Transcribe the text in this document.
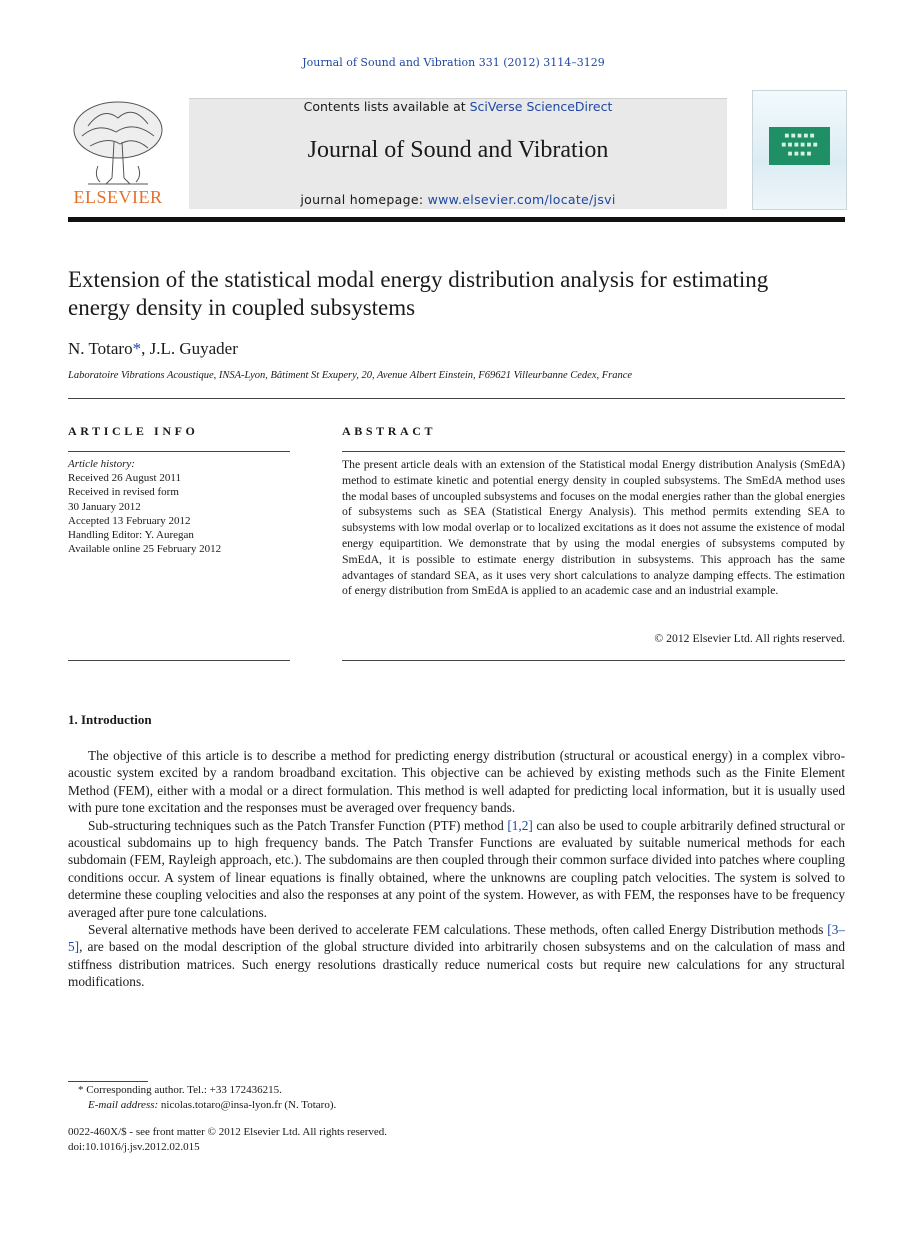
Journal of Sound and Vibration 331 (2012) 3114–3129
ELSEVIER
Contents lists available at SciVerse ScienceDirect
Journal of Sound and Vibration
journal homepage: www.elsevier.com/locate/jsvi
■ ■ ■ ■ ■
■ ■ ■ ■ ■ ■
■ ■ ■ ■
Extension of the statistical modal energy distribution analysis for estimating energy density in coupled subsystems
N. Totaro*, J.L. Guyader
Laboratoire Vibrations Acoustique, INSA-Lyon, Bâtiment St Exupery, 20, Avenue Albert Einstein, F69621 Villeurbanne Cedex, France
ARTICLE INFO	ABSTRACT
Article history:
Received 26 August 2011
Received in revised form
30 January 2012
Accepted 13 February 2012
Handling Editor: Y. Auregan
Available online 25 February 2012
The present article deals with an extension of the Statistical modal Energy distribution Analysis (SmEdA) method to estimate kinetic and potential energy density in coupled subsystems. The SmEdA method uses the modal bases of uncoupled subsystems and focuses on the modal energies rather than the global energies of subsystems such as SEA (Statistical Energy Analysis). This method permits extending SEA to subsystems with low modal overlap or to localized excitations as it does not assume the existence of modal energy equipartition. We demonstrate that by using the modal energies of subsystems computed by SmEdA, it is possible to estimate energy distribution in subsystems. This approach has the same advantages of standard SEA, as it uses very short calculations to analyze damping effects. The estimation of energy distribution from SmEdA is applied to an academic case and an industrial example.
© 2012 Elsevier Ltd. All rights reserved.
1. Introduction

The objective of this article is to describe a method for predicting energy distribution (structural or acoustical energy) in a complex vibro-acoustic system excited by a random broadband excitation. This objective can be achieved by existing methods such as the Finite Element Method (FEM), either with a modal or a direct formulation. This method is well adapted for predicting local information, but it is usually used with pure tone excitation and the responses must be averaged over frequency bands.

Sub-structuring techniques such as the Patch Transfer Function (PTF) method [1,2] can also be used to couple arbitrarily defined structural or acoustical subdomains up to high frequency bands. The Patch Transfer Functions are evaluated by suitable numerical methods for each subdomain (FEM, Rayleigh approach, etc.). The subdomains are then coupled through their common surface divided into patches where coupling conditions occur. A system of linear equations is finally obtained, where the unknowns are coupling patch velocities. The system is solved to determine these coupling velocities and also the responses at any point of the system. However, as with FEM, the responses have to be frequency averaged after pure tone calculations.

Several alternative methods have been derived to accelerate FEM calculations. These methods, often called Energy Distribution methods [3–5], are based on the modal description of the global structure divided into arbitrarily chosen subsystems and on the calculation of mass and stiffness distribution matrices. Such energy resolutions drastically reduce numerical costs but require new calculations for any structural modifications.

* Corresponding author. Tel.: +33 172436215.
E-mail address: nicolas.totaro@insa-lyon.fr (N. Totaro).
0022-460X/$ - see front matter © 2012 Elsevier Ltd. All rights reserved.
doi:10.1016/j.jsv.2012.02.015
